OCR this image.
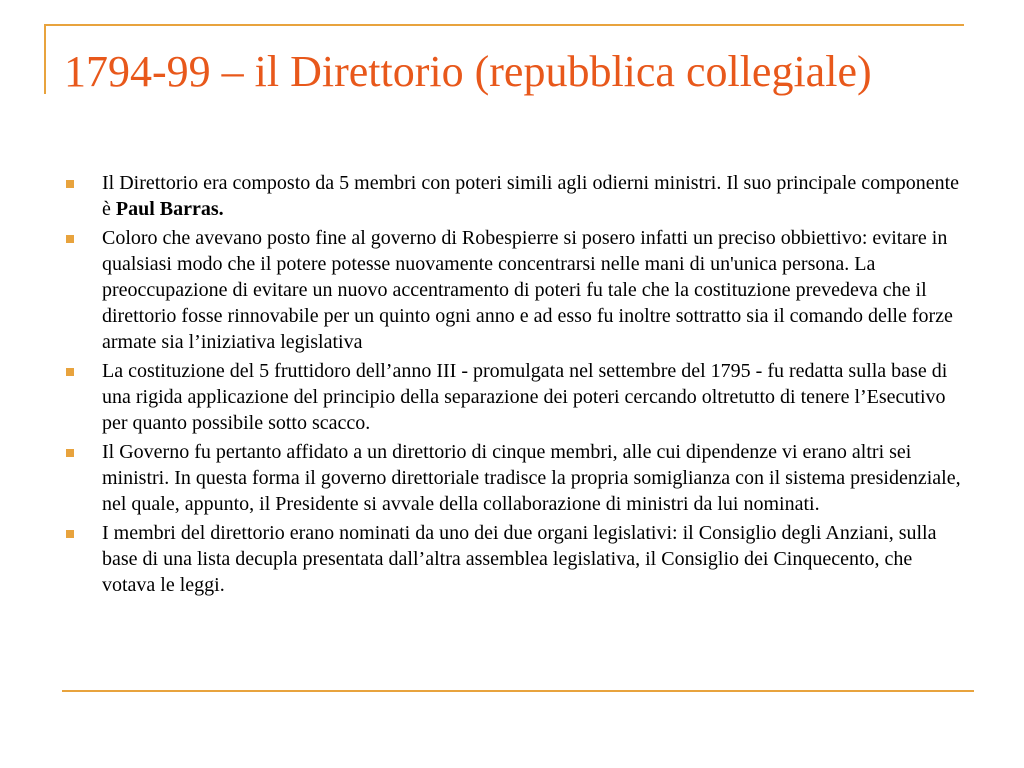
1794-99 – il Direttorio (repubblica collegiale)
Il Direttorio era composto da 5 membri con poteri simili agli odierni ministri. Il suo principale componente è Paul Barras.
Coloro che avevano posto fine al governo di Robespierre si posero infatti un preciso obbiettivo: evitare in qualsiasi modo che il potere potesse nuovamente concentrarsi nelle mani di un'unica persona. La preoccupazione di evitare un nuovo accentramento di poteri fu tale che la costituzione prevedeva che il direttorio fosse rinnovabile per un quinto ogni anno e ad esso fu inoltre sottratto sia il comando delle forze armate sia l’iniziativa legislativa
La costituzione del 5 fruttidoro dell’anno III - promulgata nel settembre del 1795 - fu redatta sulla base di una rigida applicazione del principio della separazione dei poteri cercando oltretutto di tenere l’Esecutivo per quanto possibile sotto scacco.
Il Governo fu pertanto affidato a un direttorio di cinque membri, alle cui dipendenze vi erano altri sei ministri. In questa forma il governo direttoriale tradisce la propria somiglianza con il sistema presidenziale, nel quale, appunto, il Presidente si avvale della collaborazione di ministri da lui nominati.
I membri del direttorio erano nominati da uno dei due organi legislativi: il Consiglio degli Anziani, sulla base di una lista decupla presentata dall’altra assemblea legislativa, il Consiglio dei Cinquecento, che votava le leggi.
